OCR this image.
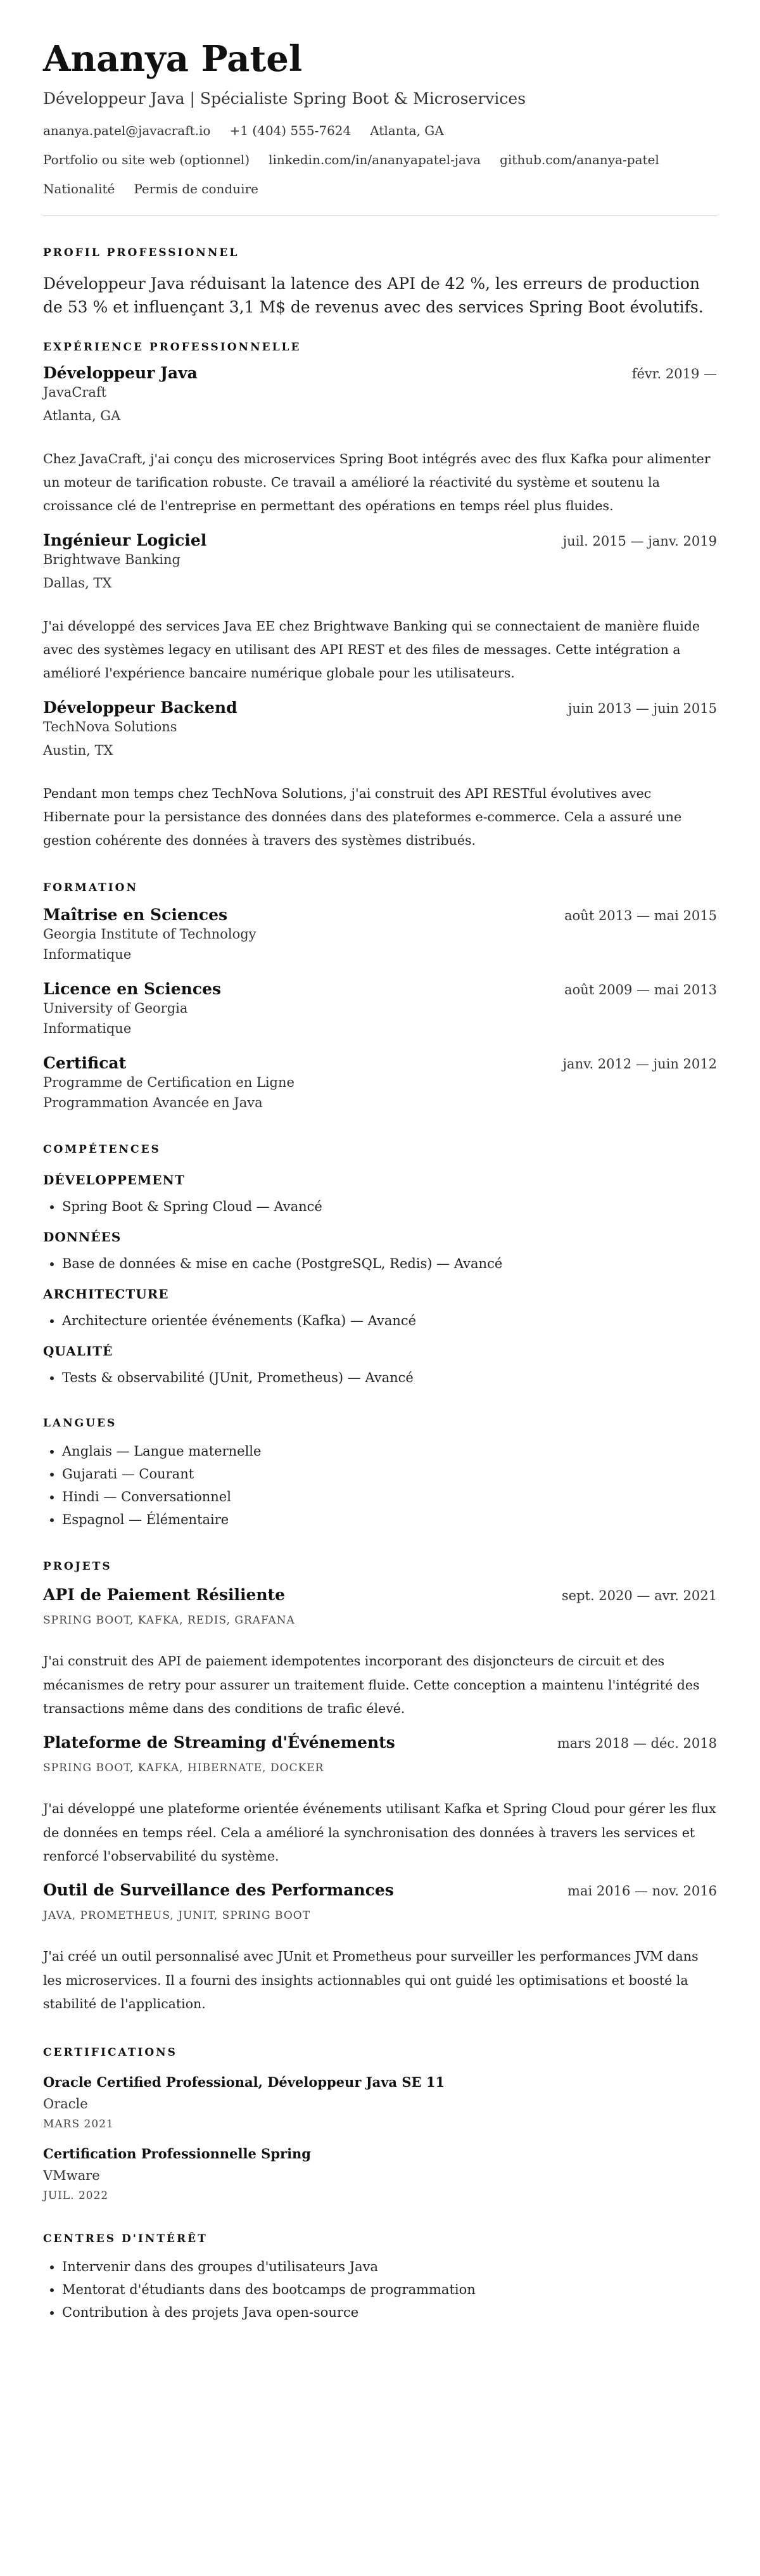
Ananya Patel
Développeur Java | Spécialiste Spring Boot & Microservices
ananya.patel@javacraft.io +1 (404) 555-7624 Atlanta, GA
Portfolio ou site web (optionnel) linkedin.com/in/ananyapatel-java github.com/ananya-patel
Nationalité Permis de conduire
PROFIL PROFESSIONNEL
Développeur Java réduisant la latence des API de 42 %, les erreurs de production de 53 % et influençant 3,1 M$ de revenus avec des services Spring Boot évolutifs.
EXPÉRIENCE PROFESSIONNELLE
Développeur Java	févr. 2019 —
JavaCraft
Atlanta, GA
Chez JavaCraft, j'ai conçu des microservices Spring Boot intégrés avec des flux Kafka pour alimenter un moteur de tarification robuste. Ce travail a amélioré la réactivité du système et soutenu la croissance clé de l'entreprise en permettant des opérations en temps réel plus fluides.
Ingénieur Logiciel	juil. 2015 — janv. 2019
Brightwave Banking
Dallas, TX
J'ai développé des services Java EE chez Brightwave Banking qui se connectaient de manière fluide avec des systèmes legacy en utilisant des API REST et des files de messages. Cette intégration a amélioré l'expérience bancaire numérique globale pour les utilisateurs.
Développeur Backend	juin 2013 — juin 2015
TechNova Solutions
Austin, TX
Pendant mon temps chez TechNova Solutions, j'ai construit des API RESTful évolutives avec Hibernate pour la persistance des données dans des plateformes e-commerce. Cela a assuré une gestion cohérente des données à travers des systèmes distribués.
FORMATION
Maîtrise en Sciences	août 2013 — mai 2015
Georgia Institute of Technology
Informatique
Licence en Sciences	août 2009 — mai 2013
University of Georgia
Informatique
Certificat	janv. 2012 — juin 2012
Programme de Certification en Ligne
Programmation Avancée en Java
COMPÉTENCES
DÉVELOPPEMENT
• Spring Boot & Spring Cloud — Avancé
DONNÉES
• Base de données & mise en cache (PostgreSQL, Redis) — Avancé
ARCHITECTURE
• Architecture orientée événements (Kafka) — Avancé
QUALITÉ
• Tests & observabilité (JUnit, Prometheus) — Avancé
LANGUES
• Anglais — Langue maternelle
• Gujarati — Courant
• Hindi — Conversationnel
• Espagnol — Élémentaire
PROJETS
API de Paiement Résiliente	sept. 2020 — avr. 2021
SPRING BOOT, KAFKA, REDIS, GRAFANA
J'ai construit des API de paiement idempotentes incorporant des disjoncteurs de circuit et des mécanismes de retry pour assurer un traitement fluide. Cette conception a maintenu l'intégrité des transactions même dans des conditions de trafic élevé.
Plateforme de Streaming d'Événements	mars 2018 — déc. 2018
SPRING BOOT, KAFKA, HIBERNATE, DOCKER
J'ai développé une plateforme orientée événements utilisant Kafka et Spring Cloud pour gérer les flux de données en temps réel. Cela a amélioré la synchronisation des données à travers les services et renforcé l'observabilité du système.
Outil de Surveillance des Performances	mai 2016 — nov. 2016
JAVA, PROMETHEUS, JUNIT, SPRING BOOT
J'ai créé un outil personnalisé avec JUnit et Prometheus pour surveiller les performances JVM dans les microservices. Il a fourni des insights actionnables qui ont guidé les optimisations et boosté la stabilité de l'application.
CERTIFICATIONS
Oracle Certified Professional, Développeur Java SE 11
Oracle
MARS 2021
Certification Professionnelle Spring
VMware
JUIL. 2022
CENTRES D'INTÉRÊT
• Intervenir dans des groupes d'utilisateurs Java
• Mentorat d'étudiants dans des bootcamps de programmation
• Contribution à des projets Java open-source
